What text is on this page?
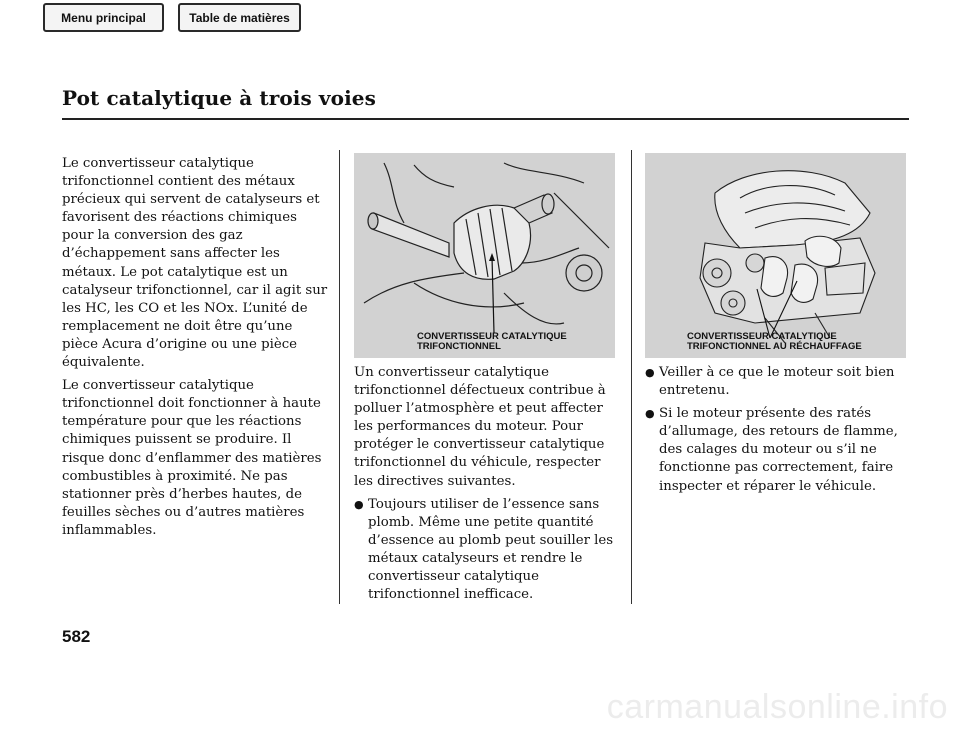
Menu principal	Table de matières
Pot catalytique à trois voies

Le convertisseur catalytique trifonctionnel contient des métaux précieux qui servent de catalyseurs et favorisent des réactions chimiques pour la conversion des gaz d’échappement sans affecter les métaux. Le pot catalytique est un catalyseur trifonctionnel, car il agit sur les HC, les CO et les NOx. L’unité de remplacement ne doit être qu’une pièce Acura d’origine ou une pièce équivalente.

Le convertisseur catalytique trifonctionnel doit fonctionner à haute température pour que les réactions chimiques puissent se produire. Il risque donc d’enflammer des matières combustibles à proximité. Ne pas stationner près d’herbes hautes, de feuilles sèches ou d’autres matières inflammables.

CONVERTISSEUR CATALYTIQUE
TRIFONCTIONNEL
CONVERTISSEUR CATALYTIQUE
TRIFONCTIONNEL AU RÉCHAUFFAGE

Un convertisseur catalytique trifonctionnel défectueux contribue à polluer l’atmosphère et peut affecter les performances du moteur. Pour protéger le convertisseur catalytique trifonctionnel du véhicule, respecter les directives suivantes.

● Toujours utiliser de l’essence sans plomb. Même une petite quantité d’essence au plomb peut souiller les métaux catalyseurs et rendre le convertisseur catalytique trifonctionnel inefficace.
● Veiller à ce que le moteur soit bien entretenu.
● Si le moteur présente des ratés d’allumage, des retours de flamme, des calages du moteur ou s’il ne fonctionne pas correctement, faire inspecter et réparer le véhicule.
582
carmanualsonline.info
